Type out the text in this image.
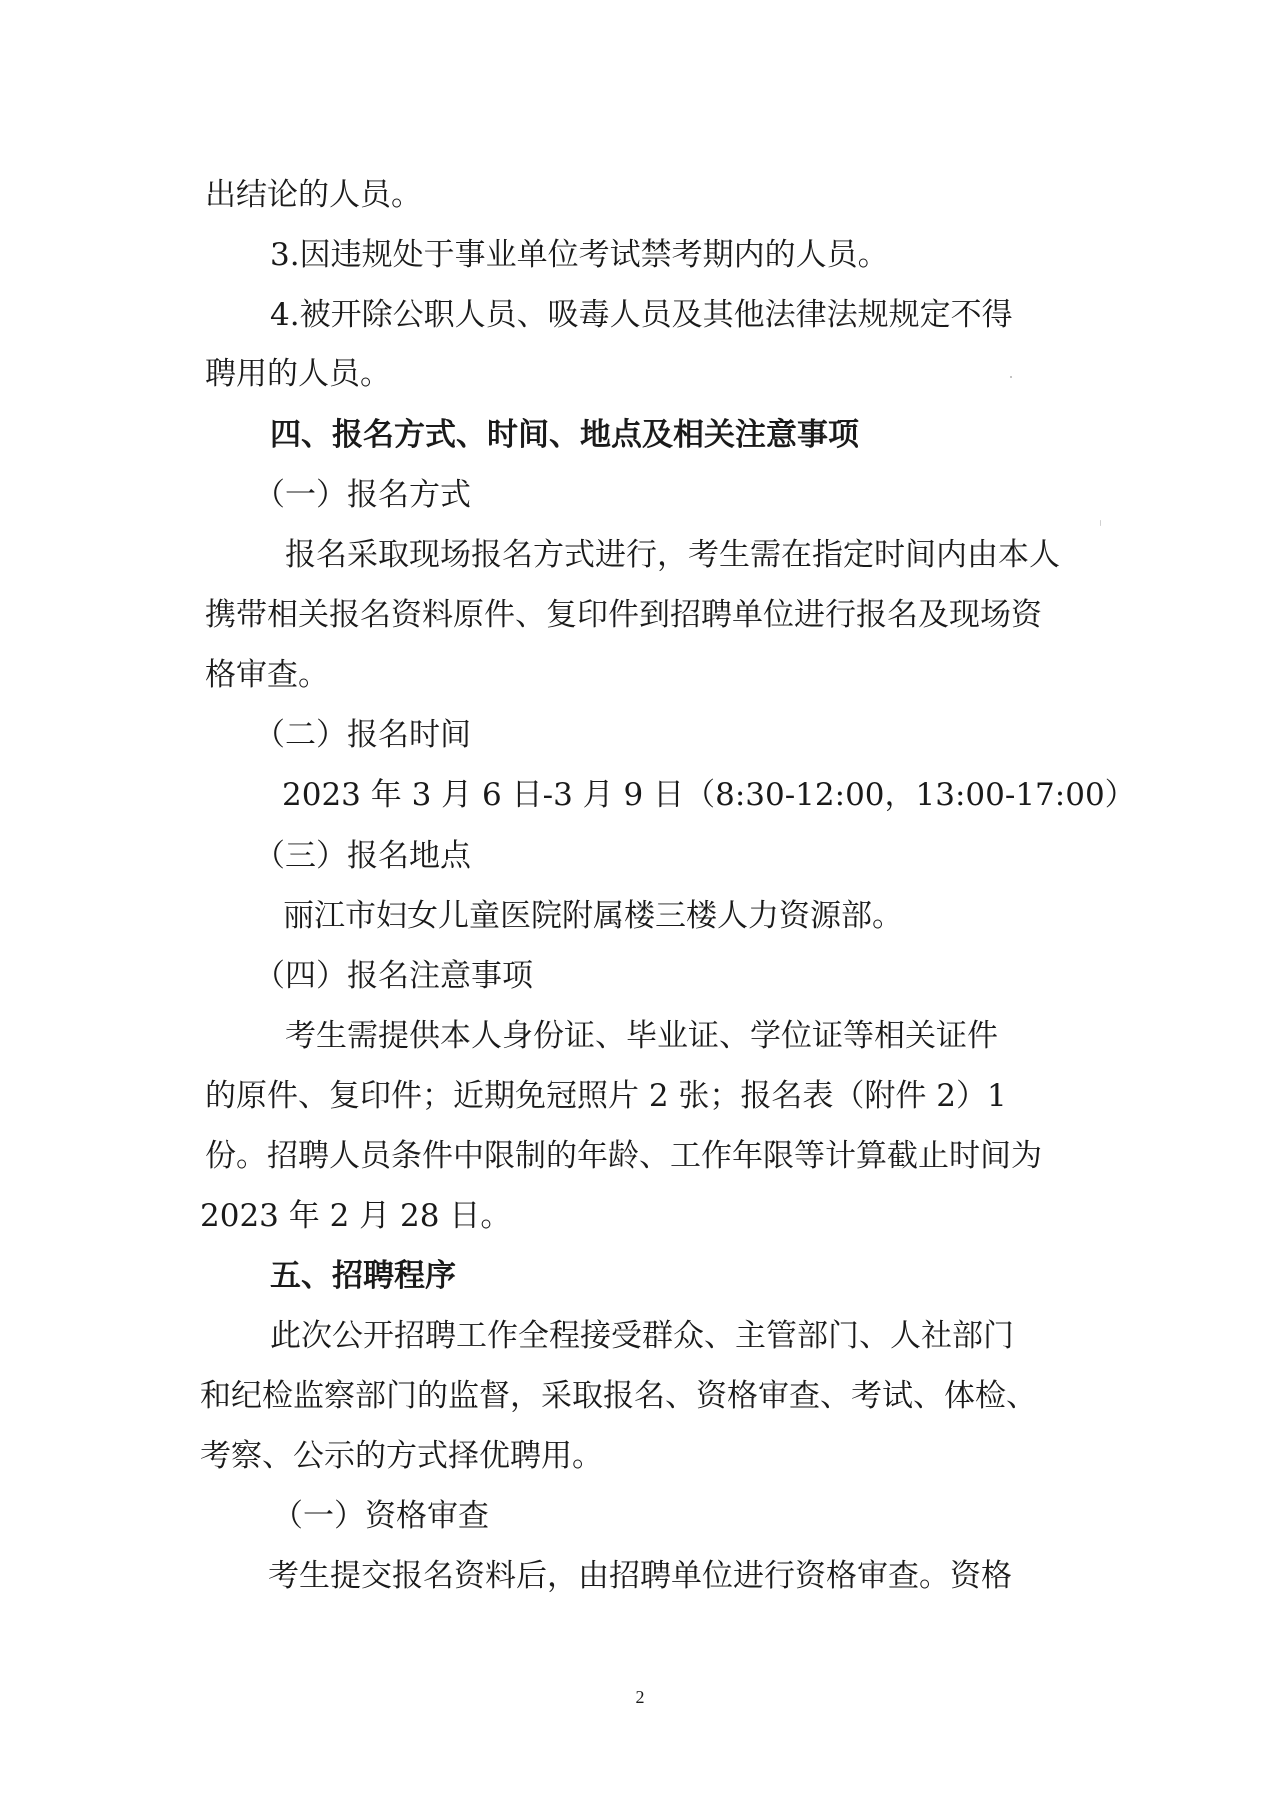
出结论的人员。
3.因违规处于事业单位考试禁考期内的人员。
4.被开除公职人员、吸毒人员及其他法律法规规定不得
聘用的人员。
四、报名方式、时间、地点及相关注意事项
（一）报名方式
报名采取现场报名方式进行，考生需在指定时间内由本人
携带相关报名资料原件、复印件到招聘单位进行报名及现场资
格审查。
（二）报名时间
2023 年 3 月 6 日-3 月 9 日（8:30-12:00，13:00-17:00）
（三）报名地点
丽江市妇女儿童医院附属楼三楼人力资源部。
（四）报名注意事项
考生需提供本人身份证、毕业证、学位证等相关证件
的原件、复印件；近期免冠照片 2 张；报名表（附件 2）1
份。招聘人员条件中限制的年龄、工作年限等计算截止时间为
2023 年 2 月 28 日。
五、招聘程序
此次公开招聘工作全程接受群众、主管部门、人社部门
和纪检监察部门的监督，采取报名、资格审查、考试、体检、
考察、公示的方式择优聘用。
（一）资格审查
考生提交报名资料后，由招聘单位进行资格审查。资格
2
